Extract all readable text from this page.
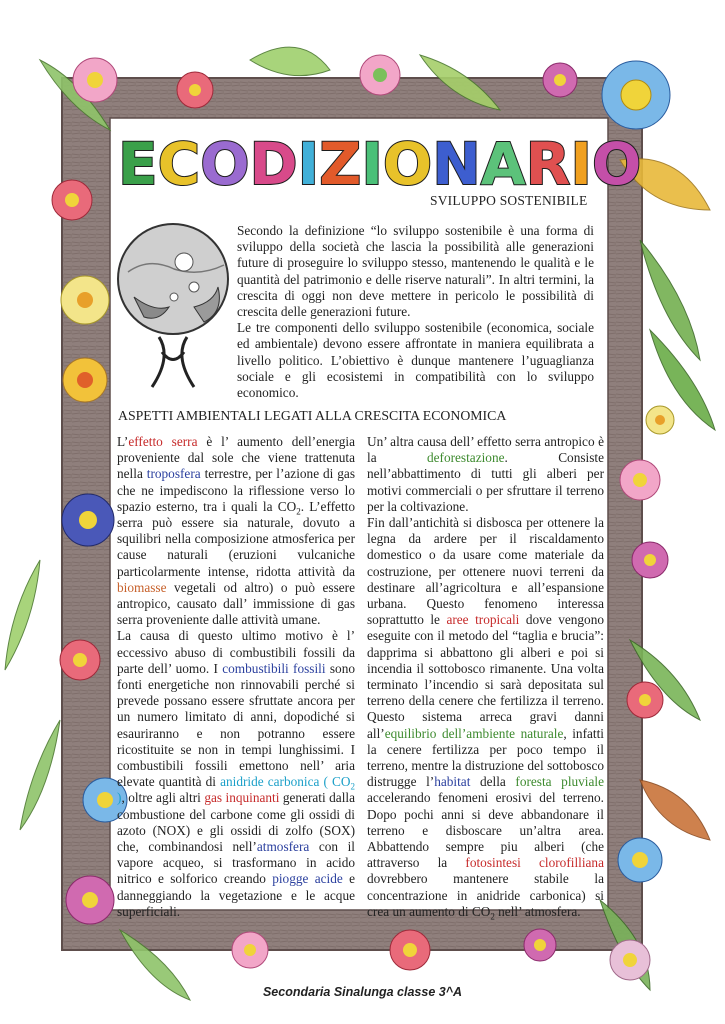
E C O D I Z I O N A R I O
SVILUPPO SOSTENIBILE

Secondo la definizione “lo sviluppo sostenibile è una forma di sviluppo della società che lascia la possibilità alle generazioni future di proseguire lo sviluppo stesso, mantenendo le qualità e le quantità del patrimonio e delle riserve naturali”. In altri termini, la crescita di oggi non deve mettere in pericolo le possibilità di crescita delle generazioni future.

Le tre componenti dello sviluppo sostenibile (economica, sociale ed ambientale) devono essere affrontate in maniera equilibrata a livello politico. L’obiettivo è dunque mantenere l’uguaglianza sociale e gli ecosistemi in compatibilità con lo sviluppo economico.

ASPETTI AMBIENTALI LEGATI ALLA CRESCITA ECONOMICA

L’effetto serra è l’ aumento dell’energia proveniente dal sole che viene trattenuta nella troposfera terrestre, per l’azione di gas che ne impediscono la riflessione verso lo spazio esterno, tra i quali la $CO_2$. L’effetto serra può essere sia naturale, dovuto a squilibri nella composizione atmosferica per cause naturali (eruzioni vulcaniche particolarmente intense, ridotta attività da biomasse vegetali od altro) o può essere antropico, causato dall’ immissione di gas serra proveniente dalle attività umane.

La causa di questo ultimo motivo è l’ eccessivo abuso di combustibili fossili da parte dell’ uomo. I combustibili fossili sono fonti energetiche non rinnovabili perché si prevede possano essere sfruttate ancora per un numero limitato di anni, dopodiché si esauriranno e non potranno essere ricostituite se non in tempi lunghissimi. I combustibili fossili emettono nell’ aria elevate quantità di anidride carbonica ( $CO_2$ ), oltre agli altri gas inquinanti generati dalla combustione del carbone come gli ossidi di azoto (NOX) e gli ossidi di zolfo (SOX) che, combinandosi nell’atmosfera con il vapore acqueo, si trasformano in acido nitrico e solforico creando piogge acide e danneggiando la vegetazione e le acque superficiali.

Un’ altra causa dell’ effetto serra antropico è la deforestazione. Consiste nell’abbattimento di tutti gli alberi per motivi commerciali o per sfruttare il terreno per la coltivazione.

Fin dall’antichità si disbosca per ottenere la legna da ardere per il riscaldamento domestico o da usare come materiale da costruzione, per ottenere nuovi terreni da destinare all’agricoltura e all’espansione urbana. Questo fenomeno interessa soprattutto le aree tropicali dove vengono eseguite con il metodo del “taglia e brucia”: dapprima si abbattono gli alberi e poi si incendia il sottobosco rimanente. Una volta terminato l’incendio si sarà depositata sul terreno della cenere che fertilizza il terreno. Questo sistema arreca gravi danni all’equilibrio dell’ambiente naturale, infatti la cenere fertilizza per poco tempo il terreno, mentre la distruzione del sottobosco distrugge l’habitat della foresta pluviale accelerando fenomeni erosivi del terreno. Dopo pochi anni si deve abbandonare il terreno e disboscare un’altra area. Abbattendo sempre piu alberi (che attraverso la fotosintesi clorofilliana dovrebbero mantenere stabile la concentrazione in anidride carbonica) si crea un aumento di $CO_2$ nell’ atmosfera.

Secondaria Sinalunga classe 3^A
